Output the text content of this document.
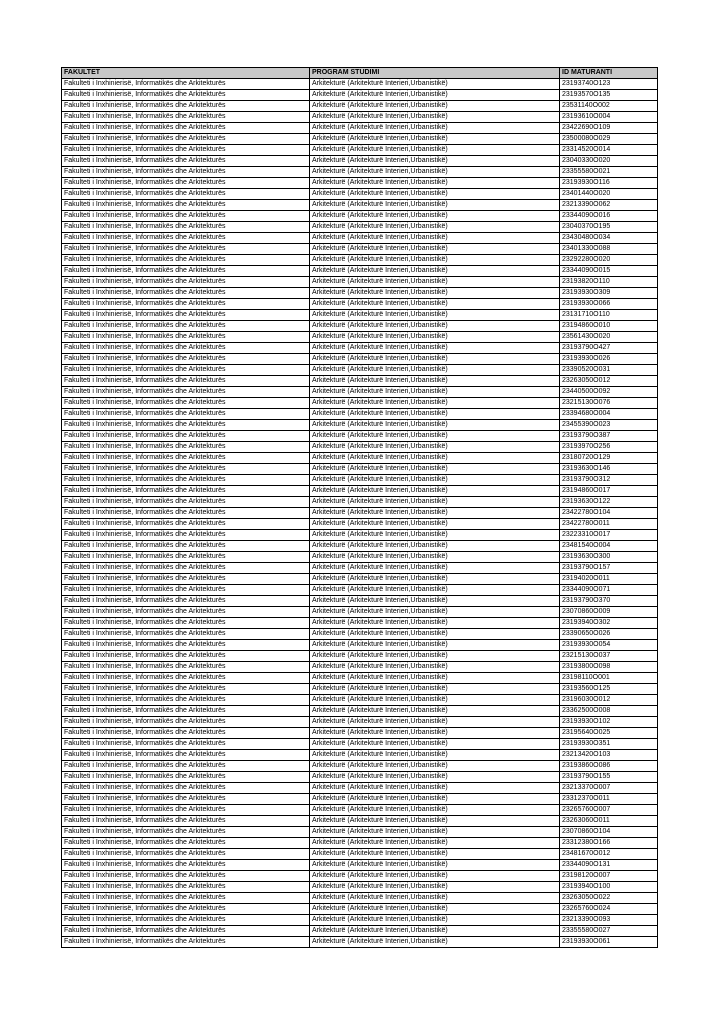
FAKULTET	PROGRAM STUDIMI	ID MATURANTI
Fakulteti i Inxhinierisë, Informatikës dhe Arkitekturës	Arkitekturë (Arkitekturë Interieri,Urbanistikë)	23193740O123
Fakulteti i Inxhinierisë, Informatikës dhe Arkitekturës	Arkitekturë (Arkitekturë Interieri,Urbanistikë)	23193570O135
Fakulteti i Inxhinierisë, Informatikës dhe Arkitekturës	Arkitekturë (Arkitekturë Interieri,Urbanistikë)	23531140O002
Fakulteti i Inxhinierisë, Informatikës dhe Arkitekturës	Arkitekturë (Arkitekturë Interieri,Urbanistikë)	23193610O004
Fakulteti i Inxhinierisë, Informatikës dhe Arkitekturës	Arkitekturë (Arkitekturë Interieri,Urbanistikë)	23422690O109
Fakulteti i Inxhinierisë, Informatikës dhe Arkitekturës	Arkitekturë (Arkitekturë Interieri,Urbanistikë)	23500080O029
Fakulteti i Inxhinierisë, Informatikës dhe Arkitekturës	Arkitekturë (Arkitekturë Interieri,Urbanistikë)	23314520O014
Fakulteti i Inxhinierisë, Informatikës dhe Arkitekturës	Arkitekturë (Arkitekturë Interieri,Urbanistikë)	23040330O020
Fakulteti i Inxhinierisë, Informatikës dhe Arkitekturës	Arkitekturë (Arkitekturë Interieri,Urbanistikë)	23355580O021
Fakulteti i Inxhinierisë, Informatikës dhe Arkitekturës	Arkitekturë (Arkitekturë Interieri,Urbanistikë)	23193930O116
Fakulteti i Inxhinierisë, Informatikës dhe Arkitekturës	Arkitekturë (Arkitekturë Interieri,Urbanistikë)	23401440O020
Fakulteti i Inxhinierisë, Informatikës dhe Arkitekturës	Arkitekturë (Arkitekturë Interieri,Urbanistikë)	23213390O062
Fakulteti i Inxhinierisë, Informatikës dhe Arkitekturës	Arkitekturë (Arkitekturë Interieri,Urbanistikë)	23344090O016
Fakulteti i Inxhinierisë, Informatikës dhe Arkitekturës	Arkitekturë (Arkitekturë Interieri,Urbanistikë)	23040370O195
Fakulteti i Inxhinierisë, Informatikës dhe Arkitekturës	Arkitekturë (Arkitekturë Interieri,Urbanistikë)	23430480O034
Fakulteti i Inxhinierisë, Informatikës dhe Arkitekturës	Arkitekturë (Arkitekturë Interieri,Urbanistikë)	23401330O088
Fakulteti i Inxhinierisë, Informatikës dhe Arkitekturës	Arkitekturë (Arkitekturë Interieri,Urbanistikë)	23292280O020
Fakulteti i Inxhinierisë, Informatikës dhe Arkitekturës	Arkitekturë (Arkitekturë Interieri,Urbanistikë)	23344090O015
Fakulteti i Inxhinierisë, Informatikës dhe Arkitekturës	Arkitekturë (Arkitekturë Interieri,Urbanistikë)	23193820O110
Fakulteti i Inxhinierisë, Informatikës dhe Arkitekturës	Arkitekturë (Arkitekturë Interieri,Urbanistikë)	23193930O309
Fakulteti i Inxhinierisë, Informatikës dhe Arkitekturës	Arkitekturë (Arkitekturë Interieri,Urbanistikë)	23193930O066
Fakulteti i Inxhinierisë, Informatikës dhe Arkitekturës	Arkitekturë (Arkitekturë Interieri,Urbanistikë)	23131710O110
Fakulteti i Inxhinierisë, Informatikës dhe Arkitekturës	Arkitekturë (Arkitekturë Interieri,Urbanistikë)	23194860O010
Fakulteti i Inxhinierisë, Informatikës dhe Arkitekturës	Arkitekturë (Arkitekturë Interieri,Urbanistikë)	23561430O020
Fakulteti i Inxhinierisë, Informatikës dhe Arkitekturës	Arkitekturë (Arkitekturë Interieri,Urbanistikë)	23193790O427
Fakulteti i Inxhinierisë, Informatikës dhe Arkitekturës	Arkitekturë (Arkitekturë Interieri,Urbanistikë)	23193930O026
Fakulteti i Inxhinierisë, Informatikës dhe Arkitekturës	Arkitekturë (Arkitekturë Interieri,Urbanistikë)	23390520O031
Fakulteti i Inxhinierisë, Informatikës dhe Arkitekturës	Arkitekturë (Arkitekturë Interieri,Urbanistikë)	23263050O012
Fakulteti i Inxhinierisë, Informatikës dhe Arkitekturës	Arkitekturë (Arkitekturë Interieri,Urbanistikë)	23440500O092
Fakulteti i Inxhinierisë, Informatikës dhe Arkitekturës	Arkitekturë (Arkitekturë Interieri,Urbanistikë)	23215130O076
Fakulteti i Inxhinierisë, Informatikës dhe Arkitekturës	Arkitekturë (Arkitekturë Interieri,Urbanistikë)	23394680O004
Fakulteti i Inxhinierisë, Informatikës dhe Arkitekturës	Arkitekturë (Arkitekturë Interieri,Urbanistikë)	23455390O023
Fakulteti i Inxhinierisë, Informatikës dhe Arkitekturës	Arkitekturë (Arkitekturë Interieri,Urbanistikë)	23193790O387
Fakulteti i Inxhinierisë, Informatikës dhe Arkitekturës	Arkitekturë (Arkitekturë Interieri,Urbanistikë)	23193970O256
Fakulteti i Inxhinierisë, Informatikës dhe Arkitekturës	Arkitekturë (Arkitekturë Interieri,Urbanistikë)	23180720O129
Fakulteti i Inxhinierisë, Informatikës dhe Arkitekturës	Arkitekturë (Arkitekturë Interieri,Urbanistikë)	23193630O146
Fakulteti i Inxhinierisë, Informatikës dhe Arkitekturës	Arkitekturë (Arkitekturë Interieri,Urbanistikë)	23193790O312
Fakulteti i Inxhinierisë, Informatikës dhe Arkitekturës	Arkitekturë (Arkitekturë Interieri,Urbanistikë)	23194860O017
Fakulteti i Inxhinierisë, Informatikës dhe Arkitekturës	Arkitekturë (Arkitekturë Interieri,Urbanistikë)	23193630O122
Fakulteti i Inxhinierisë, Informatikës dhe Arkitekturës	Arkitekturë (Arkitekturë Interieri,Urbanistikë)	23422780O104
Fakulteti i Inxhinierisë, Informatikës dhe Arkitekturës	Arkitekturë (Arkitekturë Interieri,Urbanistikë)	23422780O011
Fakulteti i Inxhinierisë, Informatikës dhe Arkitekturës	Arkitekturë (Arkitekturë Interieri,Urbanistikë)	23223310O017
Fakulteti i Inxhinierisë, Informatikës dhe Arkitekturës	Arkitekturë (Arkitekturë Interieri,Urbanistikë)	23481540O004
Fakulteti i Inxhinierisë, Informatikës dhe Arkitekturës	Arkitekturë (Arkitekturë Interieri,Urbanistikë)	23193630O300
Fakulteti i Inxhinierisë, Informatikës dhe Arkitekturës	Arkitekturë (Arkitekturë Interieri,Urbanistikë)	23193790O157
Fakulteti i Inxhinierisë, Informatikës dhe Arkitekturës	Arkitekturë (Arkitekturë Interieri,Urbanistikë)	23194020O011
Fakulteti i Inxhinierisë, Informatikës dhe Arkitekturës	Arkitekturë (Arkitekturë Interieri,Urbanistikë)	23344090O071
Fakulteti i Inxhinierisë, Informatikës dhe Arkitekturës	Arkitekturë (Arkitekturë Interieri,Urbanistikë)	23193790O370
Fakulteti i Inxhinierisë, Informatikës dhe Arkitekturës	Arkitekturë (Arkitekturë Interieri,Urbanistikë)	23070860O009
Fakulteti i Inxhinierisë, Informatikës dhe Arkitekturës	Arkitekturë (Arkitekturë Interieri,Urbanistikë)	23193940O302
Fakulteti i Inxhinierisë, Informatikës dhe Arkitekturës	Arkitekturë (Arkitekturë Interieri,Urbanistikë)	23390650O026
Fakulteti i Inxhinierisë, Informatikës dhe Arkitekturës	Arkitekturë (Arkitekturë Interieri,Urbanistikë)	23193930O054
Fakulteti i Inxhinierisë, Informatikës dhe Arkitekturës	Arkitekturë (Arkitekturë Interieri,Urbanistikë)	23215130O037
Fakulteti i Inxhinierisë, Informatikës dhe Arkitekturës	Arkitekturë (Arkitekturë Interieri,Urbanistikë)	23193800O098
Fakulteti i Inxhinierisë, Informatikës dhe Arkitekturës	Arkitekturë (Arkitekturë Interieri,Urbanistikë)	23198110O001
Fakulteti i Inxhinierisë, Informatikës dhe Arkitekturës	Arkitekturë (Arkitekturë Interieri,Urbanistikë)	23193560O125
Fakulteti i Inxhinierisë, Informatikës dhe Arkitekturës	Arkitekturë (Arkitekturë Interieri,Urbanistikë)	23196030O012
Fakulteti i Inxhinierisë, Informatikës dhe Arkitekturës	Arkitekturë (Arkitekturë Interieri,Urbanistikë)	23362500O008
Fakulteti i Inxhinierisë, Informatikës dhe Arkitekturës	Arkitekturë (Arkitekturë Interieri,Urbanistikë)	23193930O102
Fakulteti i Inxhinierisë, Informatikës dhe Arkitekturës	Arkitekturë (Arkitekturë Interieri,Urbanistikë)	23195640O025
Fakulteti i Inxhinierisë, Informatikës dhe Arkitekturës	Arkitekturë (Arkitekturë Interieri,Urbanistikë)	23193930O351
Fakulteti i Inxhinierisë, Informatikës dhe Arkitekturës	Arkitekturë (Arkitekturë Interieri,Urbanistikë)	23213420O103
Fakulteti i Inxhinierisë, Informatikës dhe Arkitekturës	Arkitekturë (Arkitekturë Interieri,Urbanistikë)	23193860O086
Fakulteti i Inxhinierisë, Informatikës dhe Arkitekturës	Arkitekturë (Arkitekturë Interieri,Urbanistikë)	23193790O155
Fakulteti i Inxhinierisë, Informatikës dhe Arkitekturës	Arkitekturë (Arkitekturë Interieri,Urbanistikë)	23213370O007
Fakulteti i Inxhinierisë, Informatikës dhe Arkitekturës	Arkitekturë (Arkitekturë Interieri,Urbanistikë)	23312370O011
Fakulteti i Inxhinierisë, Informatikës dhe Arkitekturës	Arkitekturë (Arkitekturë Interieri,Urbanistikë)	23265760O007
Fakulteti i Inxhinierisë, Informatikës dhe Arkitekturës	Arkitekturë (Arkitekturë Interieri,Urbanistikë)	23263060O011
Fakulteti i Inxhinierisë, Informatikës dhe Arkitekturës	Arkitekturë (Arkitekturë Interieri,Urbanistikë)	23070860O104
Fakulteti i Inxhinierisë, Informatikës dhe Arkitekturës	Arkitekturë (Arkitekturë Interieri,Urbanistikë)	23312380O166
Fakulteti i Inxhinierisë, Informatikës dhe Arkitekturës	Arkitekturë (Arkitekturë Interieri,Urbanistikë)	23481670O012
Fakulteti i Inxhinierisë, Informatikës dhe Arkitekturës	Arkitekturë (Arkitekturë Interieri,Urbanistikë)	23344090O131
Fakulteti i Inxhinierisë, Informatikës dhe Arkitekturës	Arkitekturë (Arkitekturë Interieri,Urbanistikë)	23198120O007
Fakulteti i Inxhinierisë, Informatikës dhe Arkitekturës	Arkitekturë (Arkitekturë Interieri,Urbanistikë)	23193940O100
Fakulteti i Inxhinierisë, Informatikës dhe Arkitekturës	Arkitekturë (Arkitekturë Interieri,Urbanistikë)	23263050O022
Fakulteti i Inxhinierisë, Informatikës dhe Arkitekturës	Arkitekturë (Arkitekturë Interieri,Urbanistikë)	23265760O024
Fakulteti i Inxhinierisë, Informatikës dhe Arkitekturës	Arkitekturë (Arkitekturë Interieri,Urbanistikë)	23213390O093
Fakulteti i Inxhinierisë, Informatikës dhe Arkitekturës	Arkitekturë (Arkitekturë Interieri,Urbanistikë)	23355580O027
Fakulteti i Inxhinierisë, Informatikës dhe Arkitekturës	Arkitekturë (Arkitekturë Interieri,Urbanistikë)	23193930O061
